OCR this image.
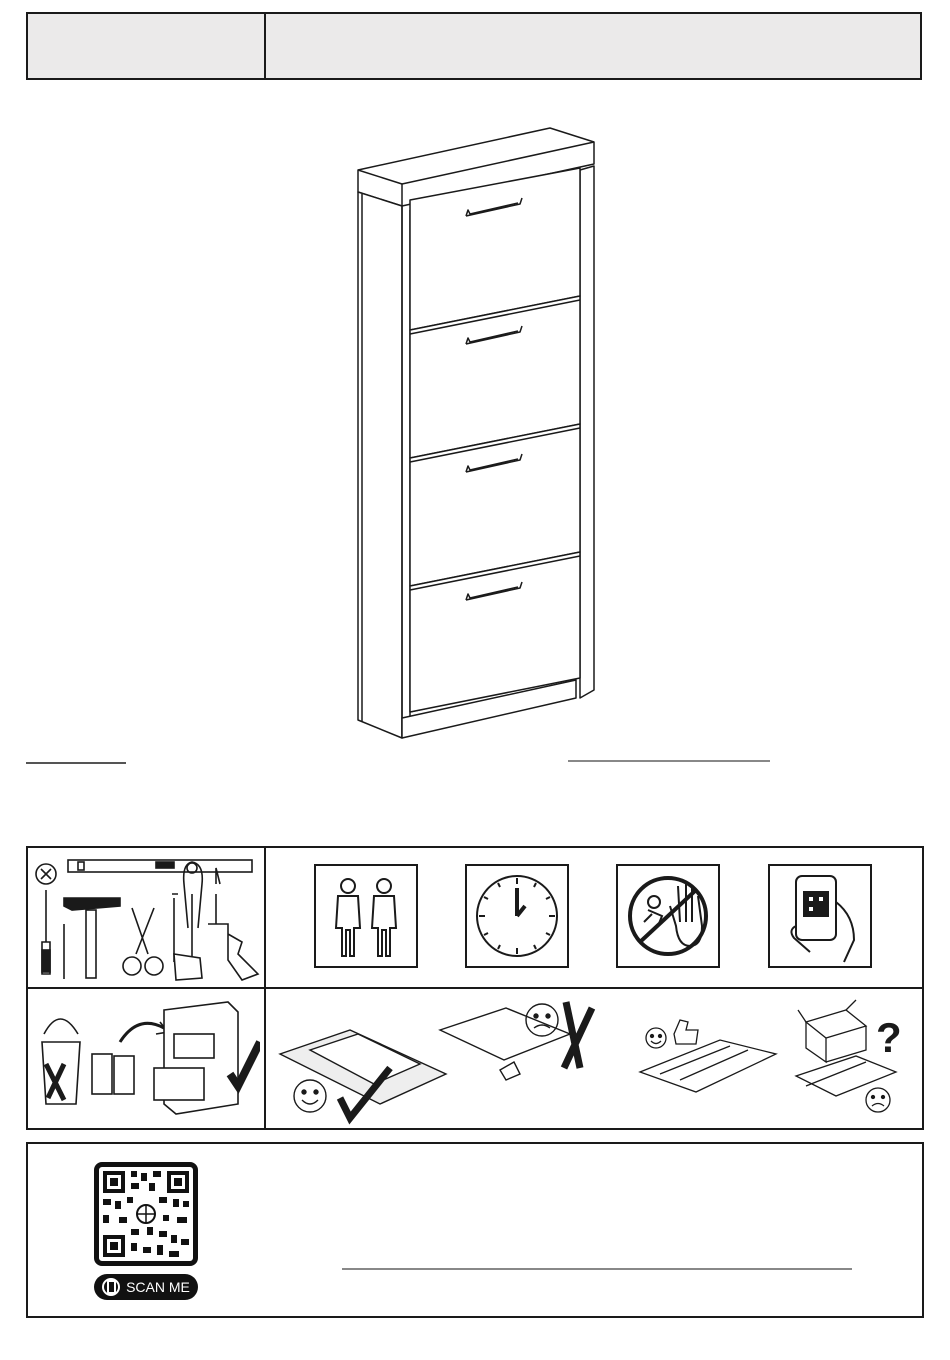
?
SCAN ME
